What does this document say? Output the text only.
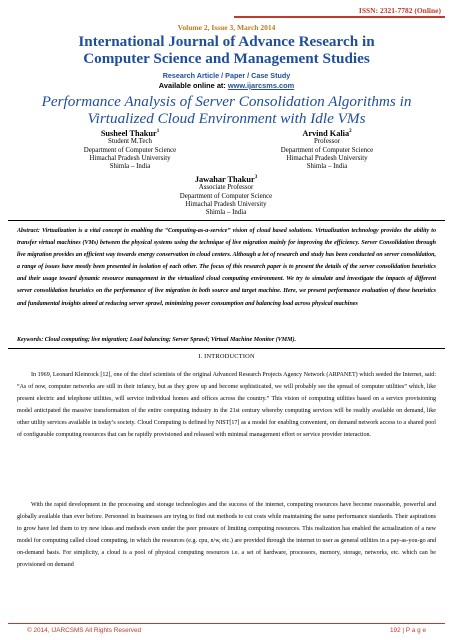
ISSN: 2321-7782 (Online)
Volume 2, Issue 3, March 2014
International Journal of Advance Research in
Computer Science and Management Studies
Research Article / Paper / Case Study
Available online at: www.ijarcsms.com
Performance Analysis of Server Consolidation Algorithms in
Virtualized Cloud Environment with Idle VMs
Susheel Thakur$^1$
Student M.Tech
Department of Computer Science
Himachal Pradesh University
Shimla – India
Arvind Kalia$^2$
Professor
Department of Computer Science
Himachal Pradesh University
Shimla – India
Jawahar Thakur$^3$
Associate Professor
Department of Computer Science
Himachal Pradesh University
Shimla – India
Abstract: Virtualization is a vital concept in enabling the “Computing-as-a-service” vision of cloud based solutions. Virtualization technology provides the ability to transfer virtual machines (VMs) between the physical systems using the technique of live migration mainly for improving the efficiency. Server Consolidation through live migration provides an efficient way towards energy conservation in cloud centers. Although a lot of research and study has been conducted on server consolidation, a range of issues have mostly been presented in isolation of each other. The focus of this research paper is to present the details of the server consolidation heuristics and their usage toward dynamic resource management in the virtualized cloud computing environment. We try to simulate and investigate the impacts of different server consolidation heuristics on the performance of live migration in both source and target machine. Here, we present performance evaluation of these heuristics and fundamental insights aimed at reducing server sprawl, minimizing power consumption and balancing load across physical machines
Keywords: Cloud computing; live migration; Load balancing; Server Sprawl; Virtual Machine Monitor (VMM).
I. INTRODUCTION

In 1969, Leonard Kleinrock [12], one of the chief scientists of the original Advanced Research Projects Agency Network (ARPANET) which seeded the Internet, said: “As of now, computer networks are still in their infancy, but as they grow up and become sophisticated, we will probably see the spread of computer utilities” which, like present electric and telephone utilities, will service individual homes and offices across the country.” This vision of computing utilities based on a service provisioning model anticipated the massive transformation of the entire computing industry in the 21st century whereby computing services will be readily available on demand, like other utility services available in today’s society. Cloud Computing is defined by NIST[17] as a model for enabling convenient, on demand network access to a shared pool of configurable computing resources that can be rapidly provisioned and released with minimal management effort or service provider interaction.

With the rapid development in the processing and storage technologies and the success of the internet, computing resources have become reasonable, powerful and globally available than ever before. Personnel in businesses are trying to find out methods to cut costs while maintaining the same performance standards. Their aspirations to grow have led them to try new ideas and methods even under the peer pressure of limiting computing resources. This realization has enabled the actualization of a new model for computing called cloud computing, in which the resources (e.g. cpu, n/w, etc.) are provided through the internet to user as general utilities in a pay-as-you-go and on-demand basis. For simplicity, a cloud is a pool of physical computing resources i.e. a set of hardware, processors, memory, storage, networks, etc. which can be provisioned on demand

© 2014, IJARCSMS All Rights Reserved	192 | P a g e
